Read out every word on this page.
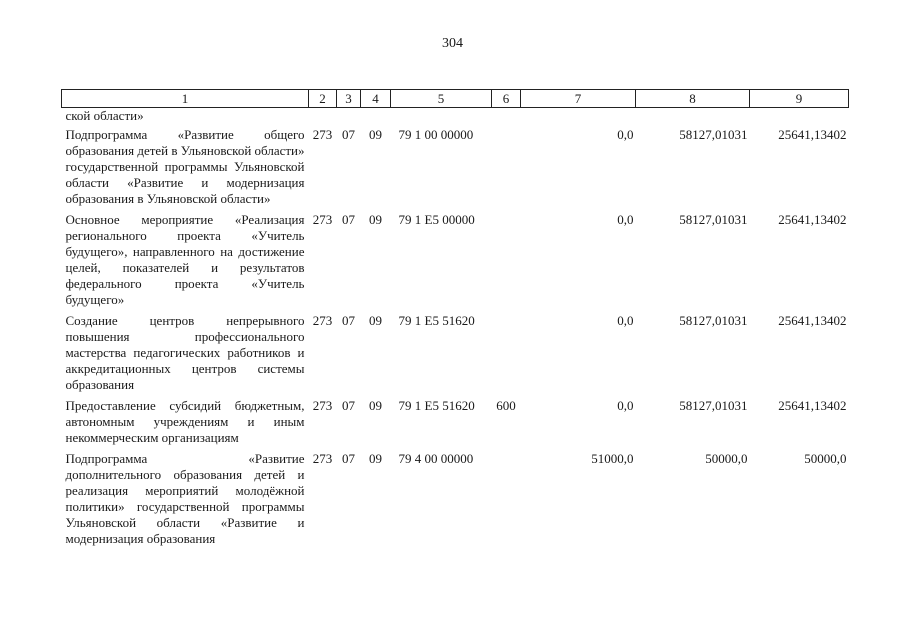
304
1	2	3	4	5	6	7	8	9
ской области»								
Подпрограмма «Развитие общего образования детей в Ульяновской области» государственной программы Ульяновской области «Развитие и модернизация образования в Ульяновской области»	273	07	09	79 1 00 00000		0,0	58127,01031	25641,13402
Основное мероприятие «Реализация регионального проекта «Учитель будущего», направленного на достижение целей, показателей и результатов федерального проекта «Учитель будущего»	273	07	09	79 1 E5 00000		0,0	58127,01031	25641,13402
Создание центров непрерывного повышения профессионального мастерства педагогических работников и аккредитационных центров системы образования	273	07	09	79 1 E5 51620		0,0	58127,01031	25641,13402
Предоставление субсидий бюджетным, автономным учреждениям и иным некоммерческим организациям	273	07	09	79 1 E5 51620	600	0,0	58127,01031	25641,13402
Подпрограмма «Развитие дополнительного образования детей и реализация мероприятий молодёжной политики» государственной программы Ульяновской области «Развитие и модернизация образования	273	07	09	79 4 00 00000		51000,0	50000,0	50000,0
